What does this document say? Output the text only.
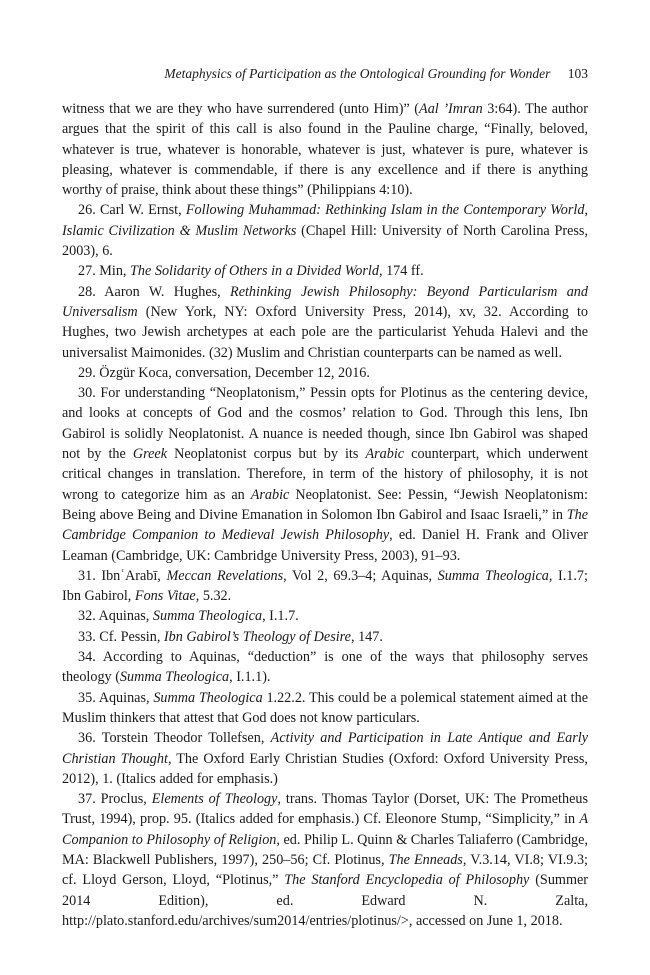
Metaphysics of Participation as the Ontological Grounding for Wonder 103

witness that we are they who have surrendered (unto Him)” (Aal ’Imran 3:64). The author argues that the spirit of this call is also found in the Pauline charge, “Finally, beloved, whatever is true, whatever is honorable, whatever is just, whatever is pure, whatever is pleasing, whatever is commendable, if there is any excellence and if there is anything worthy of praise, think about these things” (Philippians 4:10).

26. Carl W. Ernst, Following Muhammad: Rethinking Islam in the Contemporary World, Islamic Civilization & Muslim Networks (Chapel Hill: University of North Carolina Press, 2003), 6.

27. Min, The Solidarity of Others in a Divided World, 174 ff.

28. Aaron W. Hughes, Rethinking Jewish Philosophy: Beyond Particularism and Universalism (New York, NY: Oxford University Press, 2014), xv, 32. According to Hughes, two Jewish archetypes at each pole are the particularist Yehuda Halevi and the universalist Maimonides. (32) Muslim and Christian counterparts can be named as well.

29. Özgür Koca, conversation, December 12, 2016.

30. For understanding “Neoplatonism,” Pessin opts for Plotinus as the centering device, and looks at concepts of God and the cosmos’ relation to God. Through this lens, Ibn Gabirol is solidly Neoplatonist. A nuance is needed though, since Ibn Gabirol was shaped not by the Greek Neoplatonist corpus but by its Arabic counterpart, which underwent critical changes in translation. Therefore, in term of the history of philosophy, it is not wrong to categorize him as an Arabic Neoplatonist. See: Pessin, “Jewish Neoplatonism: Being above Being and Divine Emanation in Solomon Ibn Gabirol and Isaac Israeli,” in The Cambridge Companion to Medieval Jewish Philosophy, ed. Daniel H. Frank and Oliver Leaman (Cambridge, UK: Cambridge University Press, 2003), 91–93.

31. IbnʿArabī, Meccan Revelations, Vol 2, 69.3–4; Aquinas, Summa Theologica, I.1.7; Ibn Gabirol, Fons Vitae, 5.32.

32. Aquinas, Summa Theologica, I.1.7.

33. Cf. Pessin, Ibn Gabirol’s Theology of Desire, 147.

34. According to Aquinas, “deduction” is one of the ways that philosophy serves theology (Summa Theologica, I.1.1).

35. Aquinas, Summa Theologica 1.22.2. This could be a polemical statement aimed at the Muslim thinkers that attest that God does not know particulars.

36. Torstein Theodor Tollefsen, Activity and Participation in Late Antique and Early Christian Thought, The Oxford Early Christian Studies (Oxford: Oxford University Press, 2012), 1. (Italics added for emphasis.)

37. Proclus, Elements of Theology, trans. Thomas Taylor (Dorset, UK: The Prometheus Trust, 1994), prop. 95. (Italics added for emphasis.) Cf. Eleonore Stump, “Simplicity,” in A Companion to Philosophy of Religion, ed. Philip L. Quinn & Charles Taliaferro (Cambridge, MA: Blackwell Publishers, 1997), 250–56; Cf. Plotinus, The Enneads, V.3.14, VI.8; VI.9.3; cf. Lloyd Gerson, Lloyd, “Plotinus,” The Stanford Encyclopedia of Philosophy (Summer 2014 Edition), ed. Edward N. Zalta, http://plato.stanford.edu/archives/sum2014/entries/plotinus/>, accessed on June 1, 2018.
